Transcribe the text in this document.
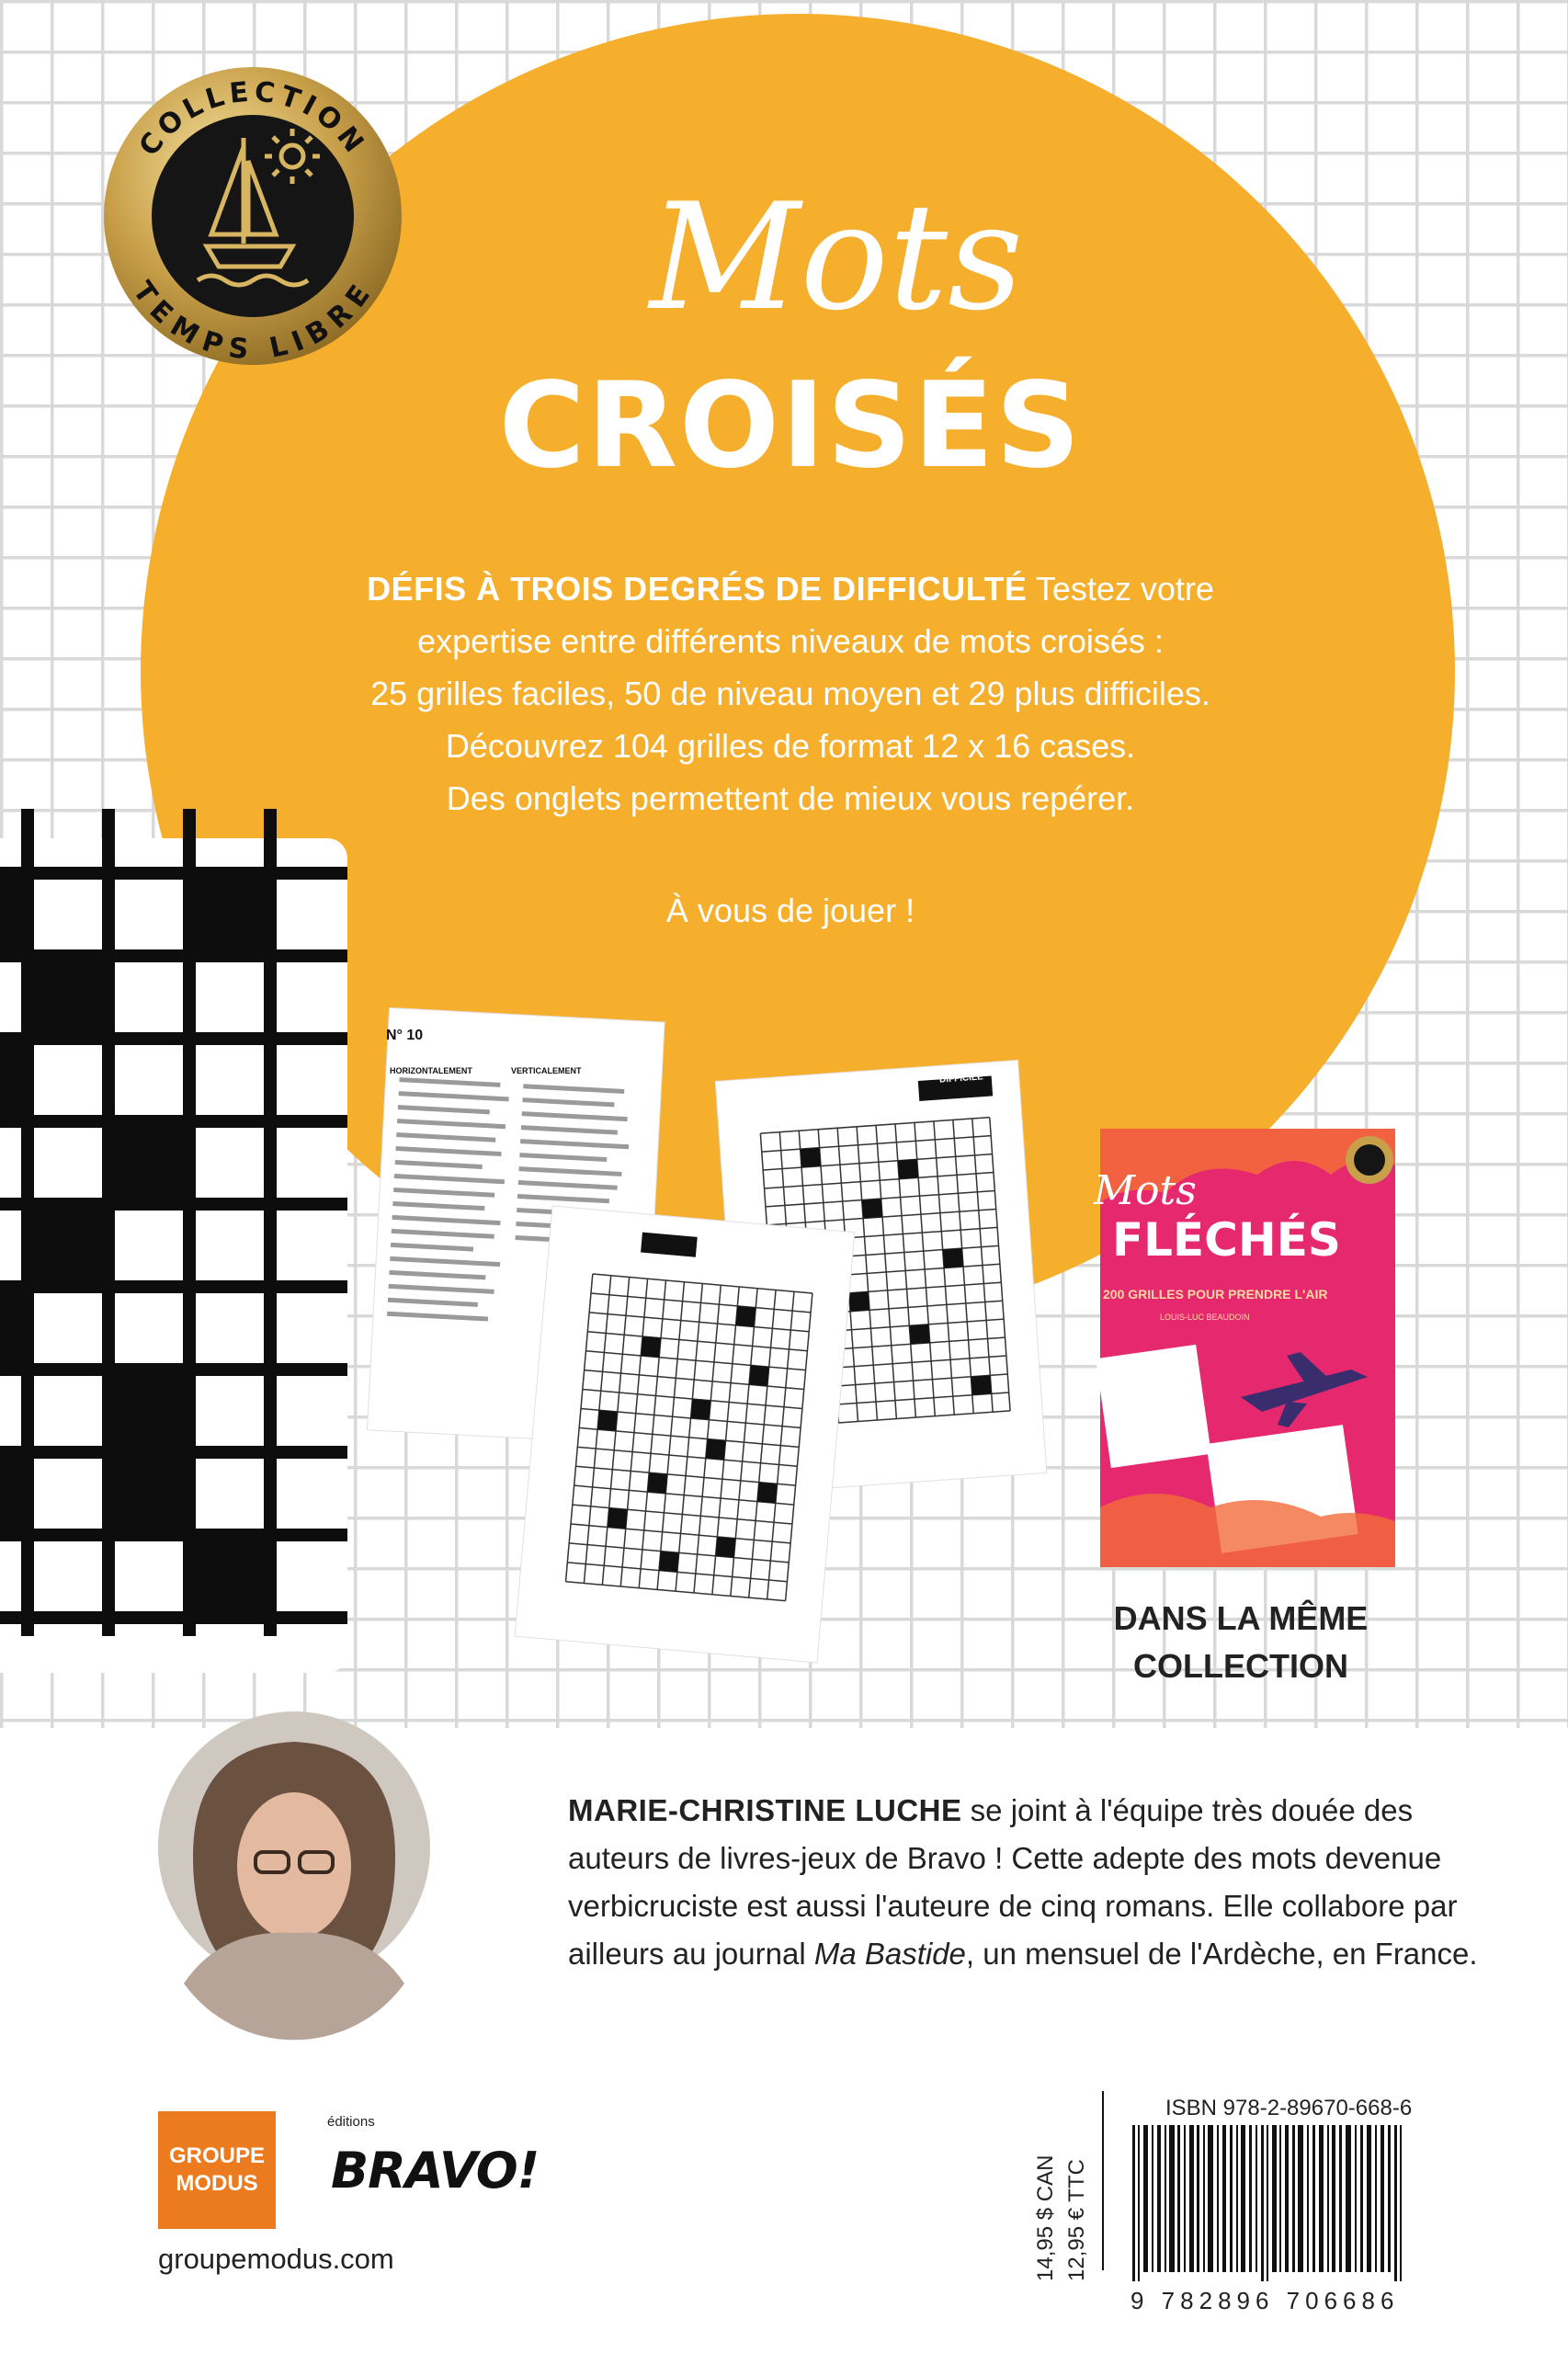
COLLECTION
TEMPS LIBRE	Mots
CROISÉS
DÉFIS À TROIS DEGRÉS DE DIFFICULTÉ Testez votre
expertise entre différents niveaux de mots croisés :
25 grilles faciles, 50 de niveau moyen et 29 plus difficiles.
Découvrez 104 grilles de format 12 x 16 cases.
Des onglets permettent de mieux vous repérer.
À vous de jouer !
N° 10
HORIZONTALEMENT	VERTICALEMENT
FACILE
DIFFICILE
Mots
FLÉCHÉS
200 GRILLES POUR PRENDRE L'AIR
LOUIS-LUC BEAUDOIN
DANS LA MÊME
COLLECTION
MARIE-CHRISTINE LUCHE se joint à l'équipe très douée des auteurs de livres-jeux de Bravo ! Cette adepte des mots devenue verbicruciste est aussi l'auteure de cinq romans. Elle collabore par ailleurs au journal Ma Bastide, un mensuel de l'Ardèche, en France.
GROUPE
MODUS
éditions
BRAVO!
groupemodus.com	14,95 $ CAN 12,95 € TTC
ISBN 978-2-89670-668-6
9 782896 706686
